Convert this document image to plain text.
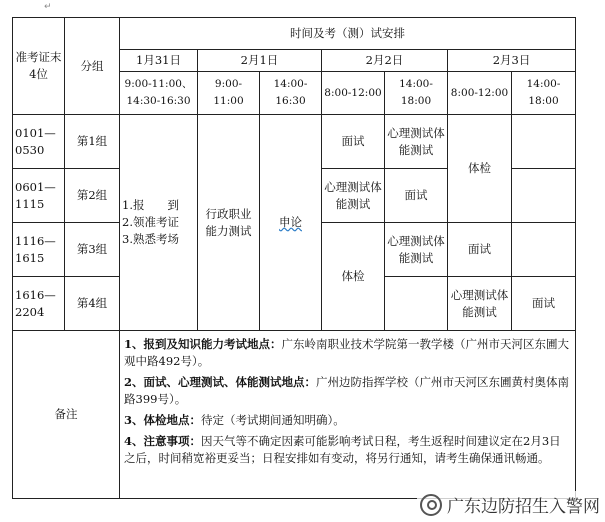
↵
准考证末4位	分组	时间及考（测）试安排						
		1月31日	2月1日		2月2日		2月3日	
		9:00-11:00、14:30-16:30	9:00-11:00	14:00-16:30	8:00-12:00	14:00-18:00	8:00-12:00	14:00-18:00
0101—0530	第1组	1.报　　到
2.领准考证
3.熟悉考场	行政职业能力测试	申论	面试	心理测试体能测试	体检	
0601—1115	第2组				心理测试体能测试	面试		
1116—1615	第3组				体检	心理测试体能测试	面试	
1616—2204	第4组						心理测试体能测试	面试
备注		1、报到及知识能力考试地点：广东岭南职业技术学院第一教学楼（广州市天河区东圃大观中路492号）。

2、面试、心理测试、体能测试地点：广州边防指挥学校（广州市天河区东圃黄村奥体南路399号）。

3、体检地点：待定（考试期间通知明确）。

4、注意事项：因天气等不确定因素可能影响考试日程，考生返程时间建议定在2月3日之后，时间稍宽裕更妥当；日程安排如有变动，将另行通知，请考生确保通讯畅通。						

广东边防招生入警网
